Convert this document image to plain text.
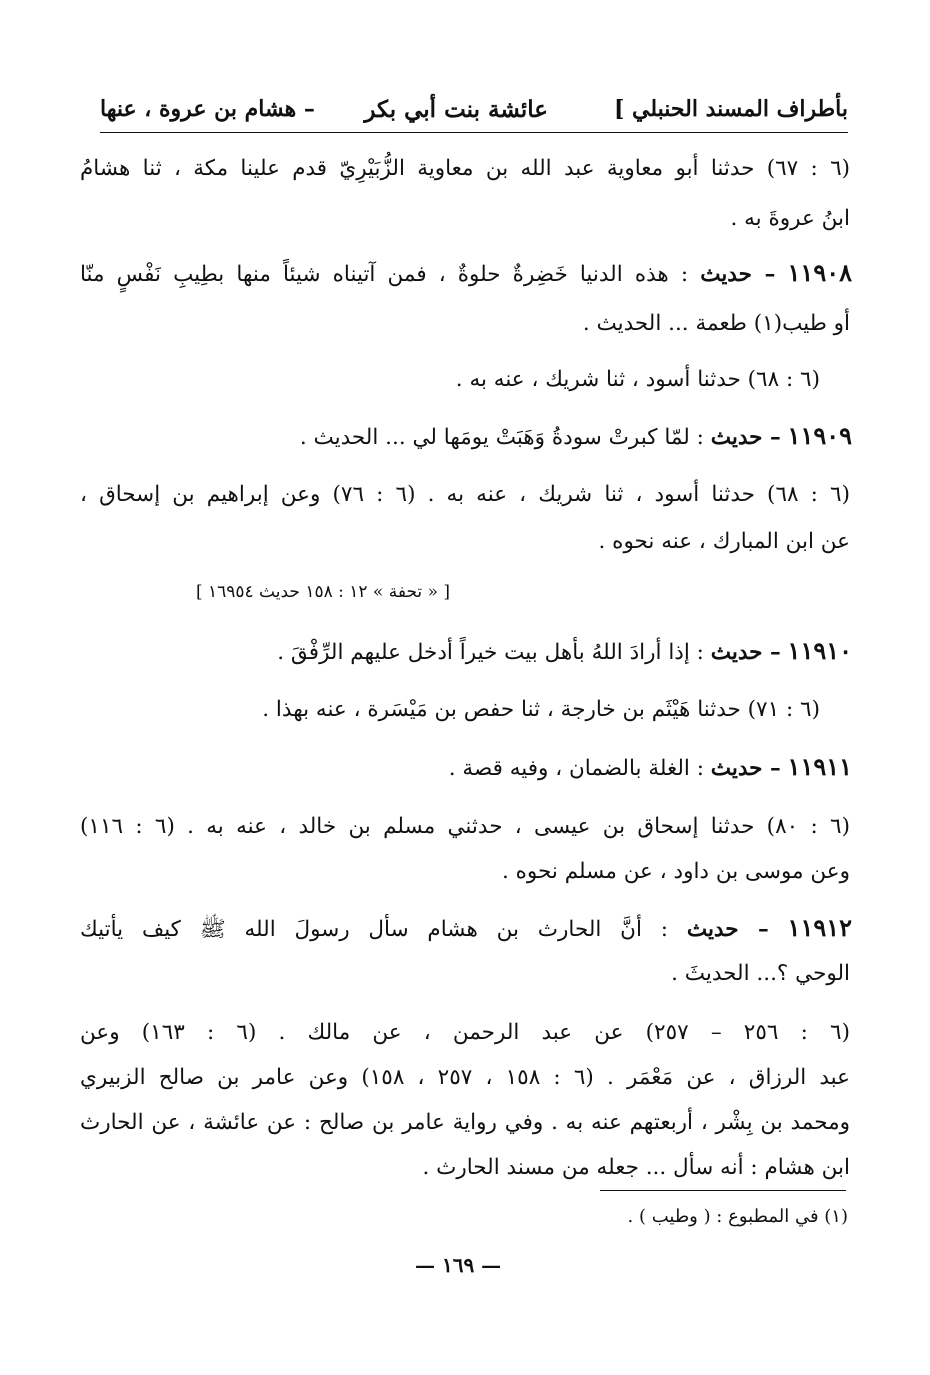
بأطراف المسند الحنبلي ]
عائشة بنت أبي بكر
– هشام بن عروة ، عنها
(٦ : ٦٧) حدثنا أبو معاوية عبد الله بن معاوية الزُّبَيْرِيّ قدم علينا مكة ، ثنا هشامُ
ابنُ عروةَ به .
١١٩٠٨ – حديث : هذه الدنيا خَضِرةٌ حلوةٌ ، فمن آتيناه شيئاً منها بطِيبِ نَفْسٍ منّا
أو طيب(١) طعمة ... الحديث .
(٦ : ٦٨) حدثنا أسود ، ثنا شريك ، عنه به .
١١٩٠٩ – حديث : لمّا كبرتْ سودةُ وَهَبَتْ يومَها لي ... الحديث .
(٦ : ٦٨) حدثنا أسود ، ثنا شريك ، عنه به . (٦ : ٧٦) وعن إبراهيم بن إسحاق ،
عن ابن المبارك ، عنه نحوه .
[ « تحفة » ١٢ : ١٥٨ حديث ١٦٩٥٤ ]
١١٩١٠ – حديث : إذا أرادَ اللهُ بأهل بيت خيراً أدخل عليهم الرِّفْقَ .
(٦ : ٧١) حدثنا هَيْثَم بن خارجة ، ثنا حفص بن مَيْسَرة ، عنه بهذا .
١١٩١١ – حديث : الغلة بالضمان ، وفيه قصة .
(٦ : ٨٠) حدثنا إسحاق بن عيسى ، حدثني مسلم بن خالد ، عنه به . (٦ : ١١٦)
وعن موسى بن داود ، عن مسلم نحوه .
١١٩١٢ – حديث : أنَّ الحارث بن هشام سأل رسولَ الله ﷺ كيف يأتيك
الوحي ؟... الحديثَ .
(٦ : ٢٥٦ – ٢٥٧) عن عبد الرحمن ، عن مالك . (٦ : ١٦٣) وعن
عبد الرزاق ، عن مَعْمَر . (٦ : ١٥٨ ، ٢٥٧ ، ١٥٨) وعن عامر بن صالح الزبيري
ومحمد بن بِشْر ، أربعتهم عنه به . وفي رواية عامر بن صالح : عن عائشة ، عن الحارث
ابن هشام : أنه سأل ... جعله من مسند الحارث .
(١) في المطبوع : ( وطيب ) .
— ١٦٩ —
